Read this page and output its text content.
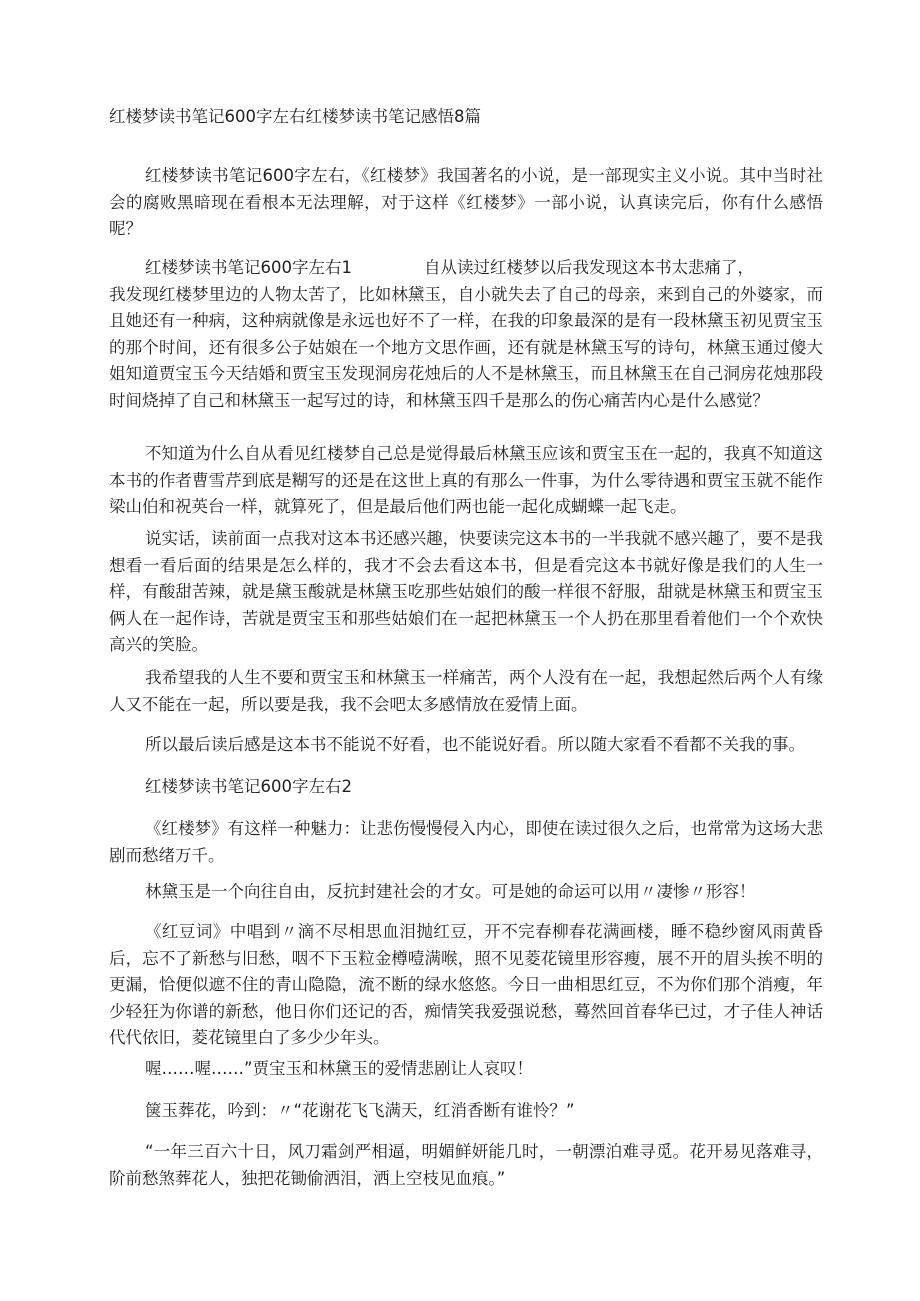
红楼梦读书笔记600字左右红楼梦读书笔记感悟8篇

红楼梦读书笔记600字左右，《红楼梦》我国著名的小说，是一部现实主义小说。其中当时社会的腐败黑暗现在看根本无法理解，对于这样《红楼梦》一部小说，认真读完后，你有什么感悟呢？

红楼梦读书笔记600字左右1	自从读过红楼梦以后我发现这本书太悲痛了，

我发现红楼梦里边的人物太苦了，比如林黛玉，自小就失去了自己的母亲，来到自己的外婆家，而且她还有一种病，这种病就像是永远也好不了一样，在我的印象最深的是有一段林黛玉初见贾宝玉的那个时间，还有很多公子姑娘在一个地方文思作画，还有就是林黛玉写的诗句，林黛玉通过傻大姐知道贾宝玉今天结婚和贾宝玉发现洞房花烛后的人不是林黛玉，而且林黛玉在自己洞房花烛那段时间烧掉了自己和林黛玉一起写过的诗，和林黛玉四千是那么的伤心痛苦内心是什么感觉？

不知道为什么自从看见红楼梦自己总是觉得最后林黛玉应该和贾宝玉在一起的，我真不知道这本书的作者曹雪芹到底是糊写的还是在这世上真的有那么一件事，为什么零待遇和贾宝玉就不能作梁山伯和祝英台一样，就算死了，但是最后他们两也能一起化成蝴蝶一起飞走。

说实话，读前面一点我对这本书还感兴趣，快要读完这本书的一半我就不感兴趣了，要不是我想看一看后面的结果是怎么样的，我才不会去看这本书，但是看完这本书就好像是我们的人生一样，有酸甜苦辣，就是黛玉酸就是林黛玉吃那些姑娘们的酸一样很不舒服，甜就是林黛玉和贾宝玉俩人在一起作诗，苦就是贾宝玉和那些姑娘们在一起把林黛玉一个人扔在那里看着他们一个个欢快高兴的笑脸。

我希望我的人生不要和贾宝玉和林黛玉一样痛苦，两个人没有在一起，我想起然后两个人有缘人又不能在一起，所以要是我，我不会吧太多感情放在爱情上面。

所以最后读后感是这本书不能说不好看，也不能说好看。所以随大家看不看都不关我的事。

红楼梦读书笔记600字左右2

《红楼梦》有这样一种魅力：让悲伤慢慢侵入内心，即使在读过很久之后，也常常为这场大悲剧而愁绪万千。

林黛玉是一个向往自由，反抗封建社会的才女。可是她的命运可以用〃凄惨〃形容！

《红豆词》中唱到〃滴不尽相思血泪抛红豆，开不完春柳春花满画楼，睡不稳纱窗风雨黄昏后，忘不了新愁与旧愁，咽不下玉粒金樽噎满喉，照不见菱花镜里形容瘦，展不开的眉头挨不明的更漏，恰便似遮不住的青山隐隐，流不断的绿水悠悠。今日一曲相思红豆，不为你们那个消瘦，年少轻狂为你谱的新愁，他日你们还记的否，痴情笑我爱强说愁，蓦然回首春华已过，才子佳人神话代代依旧，菱花镜里白了多少少年头。

喔……喔……”贾宝玉和林黛玉的爱情悲剧让人哀叹！

箧玉葬花，吟到：〃“花谢花飞飞满天，红消香断有谁怜？”

“一年三百六十日，风刀霜剑严相逼，明媚鲜妍能几时，一朝漂泊难寻觅。花开易见落难寻，阶前愁煞葬花人，独把花锄偷洒泪，洒上空枝见血痕。”
